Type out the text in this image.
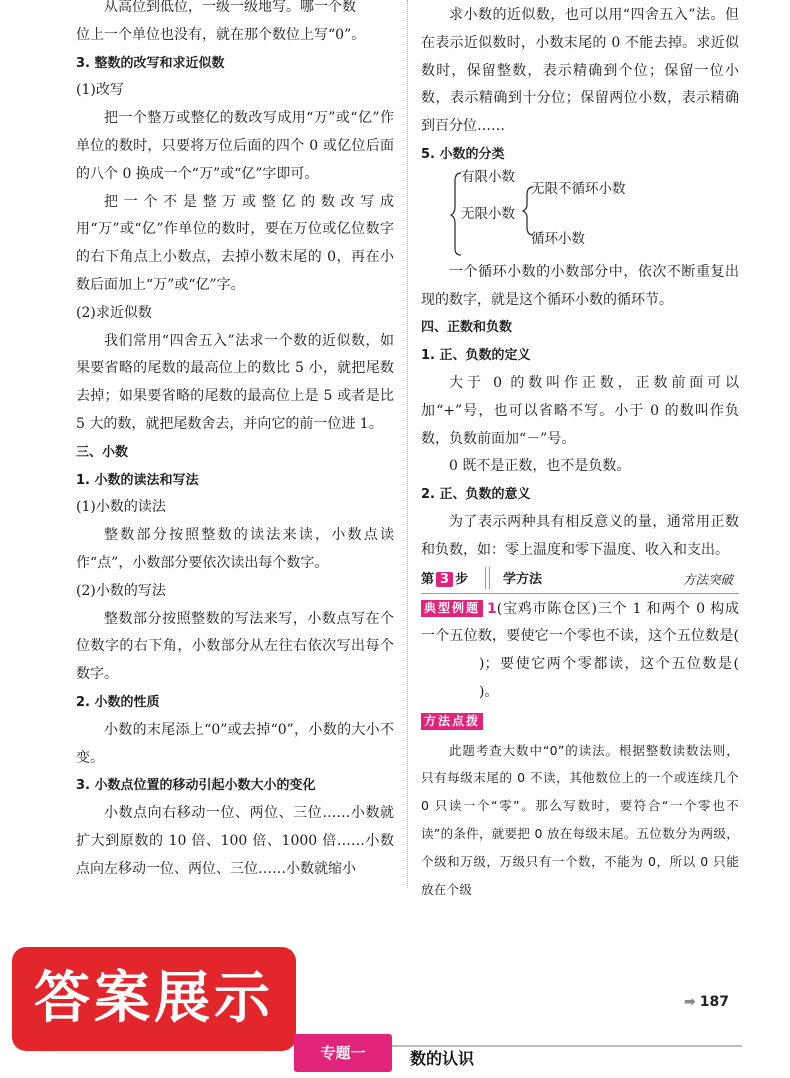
从高位到低位，一级一级地写。哪一个数

位上一个单位也没有，就在那个数位上写“0”。

3. 整数的改写和求近似数

(1)改写

把一个整万或整亿的数改写成用“万”或“亿”作单位的数时，只要将万位后面的四个 0 或亿位后面的八个 0 换成一个“万”或“亿”字即可。

把一个不是整万或整亿的数改写成用“万”或“亿”作单位的数时，要在万位或亿位数字的右下角点上小数点，去掉小数末尾的 0，再在小数后面加上“万”或“亿”字。

(2)求近似数

我们常用“四舍五入”法求一个数的近似数，如果要省略的尾数的最高位上的数比 5 小，就把尾数去掉；如果要省略的尾数的最高位上是 5 或者是比 5 大的数，就把尾数舍去，并向它的前一位进 1。

三、小数

1. 小数的读法和写法

(1)小数的读法

整数部分按照整数的读法来读，小数点读作“点”，小数部分要依次读出每个数字。

(2)小数的写法

整数部分按照整数的写法来写，小数点写在个位数字的右下角，小数部分从左往右依次写出每个数字。

2. 小数的性质

小数的末尾添上“0”或去掉“0”，小数的大小不变。

3. 小数点位置的移动引起小数大小的变化

小数点向右移动一位、两位、三位……小数就扩大到原数的 10 倍、100 倍、1000 倍……小数点向左移动一位、两位、三位……小数就缩小

求小数的近似数，也可以用“四舍五入”法。但在表示近似数时，小数末尾的 0 不能去掉。求近似数时，保留整数，表示精确到个位；保留一位小数，表示精确到十分位；保留两位小数，表示精确到百分位……

5. 小数的分类

有限小数
无限小数
无限不循环小数
循环小数

一个循环小数的小数部分中，依次不断重复出现的数字，就是这个循环小数的循环节。

四、正数和负数

1. 正、负数的定义

大于 0 的数叫作正数，正数前面可以加“+”号，也可以省略不写。小于 0 的数叫作负数，负数前面加“－”号。

0 既不是正数，也不是负数。

2. 正、负数的意义

为了表示两种具有相反意义的量，通常用正数和负数，如：零上温度和零下温度、收入和支出。

第 3 步	学方法	方法突破

典型例题 1(宝鸡市陈仓区)三个 1 和两个 0 构成一个五位数，要使它一个零也不读，这个五位数是()；要使它两个零都读，这个五位数是()。

方法点拨

此题考查大数中“0”的读法。根据整数读数法则，只有每级末尾的 0 不读，其他数位上的一个或连续几个 0 只读一个“零”。那么写数时，要符合“一个零也不读”的条件，就要把 0 放在每级末尾。五位数分为两级，个级和万级，万级只有一个数，不能为 0，所以 0 只能放在个级

答案展示	➡ 187
专题一	数的认识
